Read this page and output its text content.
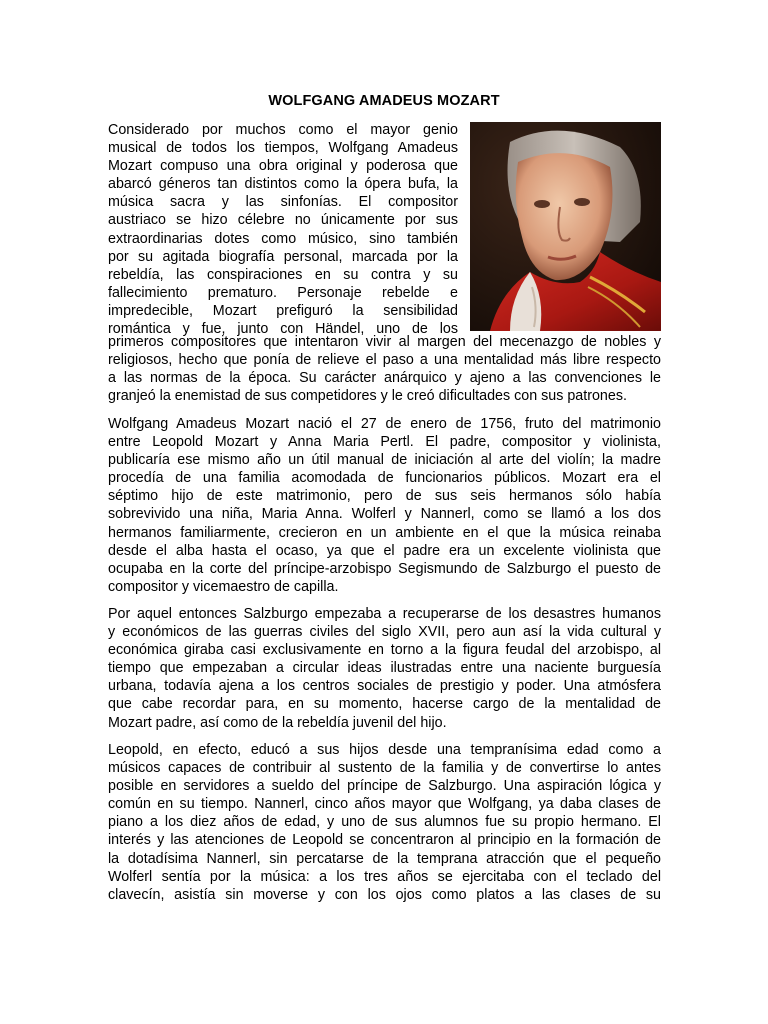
WOLFGANG AMADEUS MOZART
Considerado por muchos como el mayor genio
musical de todos los tiempos, Wolfgang Amadeus
Mozart compuso una obra original y poderosa que
abarcó géneros tan distintos como la ópera bufa, la
música sacra y las sinfonías. El compositor
austriaco se hizo célebre no únicamente por sus
extraordinarias dotes como músico, sino también
por su agitada biografía personal, marcada por la
rebeldía, las conspiraciones en su contra y su
fallecimiento prematuro. Personaje rebelde e
impredecible, Mozart prefiguró la sensibilidad
romántica y fue, junto con Händel, uno de los
primeros compositores que intentaron vivir al margen del mecenazgo de nobles y
religiosos, hecho que ponía de relieve el paso a una mentalidad más libre respecto
a las normas de la época. Su carácter anárquico y ajeno a las convenciones le
granjeó la enemistad de sus competidores y le creó dificultades con sus patrones.
Wolfgang Amadeus Mozart nació el 27 de enero de 1756, fruto del matrimonio
entre Leopold Mozart y Anna Maria Pertl. El padre, compositor y violinista,
publicaría ese mismo año un útil manual de iniciación al arte del violín; la madre
procedía de una familia acomodada de funcionarios públicos. Mozart era el
séptimo hijo de este matrimonio, pero de sus seis hermanos sólo había
sobrevivido una niña, Maria Anna. Wolferl y Nannerl, como se llamó a los dos
hermanos familiarmente, crecieron en un ambiente en el que la música reinaba
desde el alba hasta el ocaso, ya que el padre era un excelente violinista que
ocupaba en la corte del príncipe-arzobispo Segismundo de Salzburgo el puesto de
compositor y vicemaestro de capilla.
Por aquel entonces Salzburgo empezaba a recuperarse de los desastres humanos
y económicos de las guerras civiles del siglo XVII, pero aun así la vida cultural y
económica giraba casi exclusivamente en torno a la figura feudal del arzobispo, al
tiempo que empezaban a circular ideas ilustradas entre una naciente burguesía
urbana, todavía ajena a los centros sociales de prestigio y poder. Una atmósfera
que cabe recordar para, en su momento, hacerse cargo de la mentalidad de
Mozart padre, así como de la rebeldía juvenil del hijo.
Leopold, en efecto, educó a sus hijos desde una tempranísima edad como a
músicos capaces de contribuir al sustento de la familia y de convertirse lo antes
posible en servidores a sueldo del príncipe de Salzburgo. Una aspiración lógica y
común en su tiempo. Nannerl, cinco años mayor que Wolfgang, ya daba clases de
piano a los diez años de edad, y uno de sus alumnos fue su propio hermano. El
interés y las atenciones de Leopold se concentraron al principio en la formación de
la dotadísima Nannerl, sin percatarse de la temprana atracción que el pequeño
Wolferl sentía por la música: a los tres años se ejercitaba con el teclado del
clavecín, asistía sin moverse y con los ojos como platos a las clases de su
